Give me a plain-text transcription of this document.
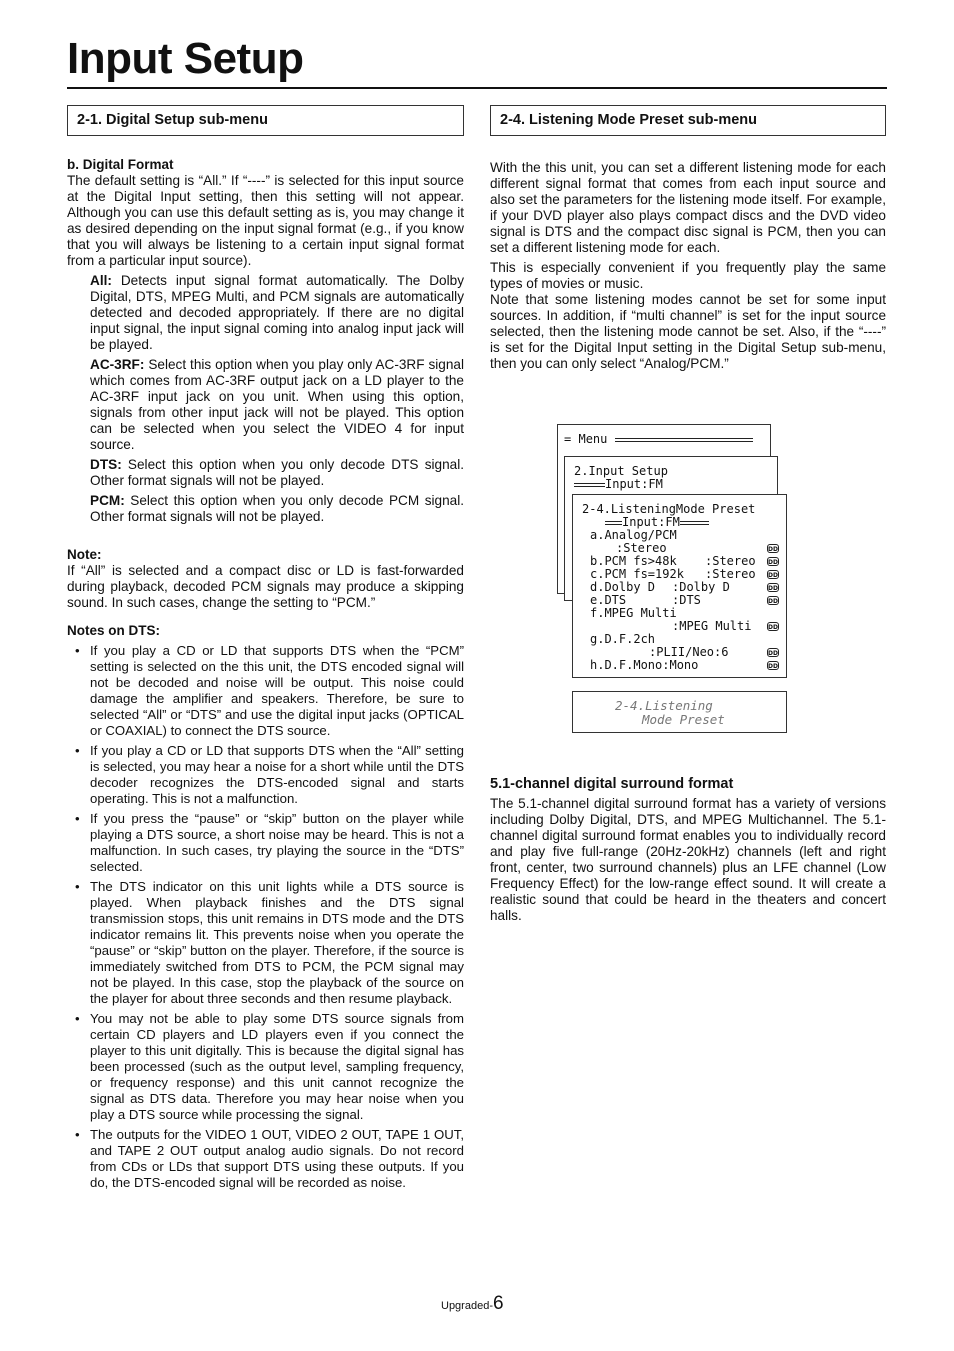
Input Setup
2-1. Digital Setup sub-menu

b. Digital Format

The default setting is “All.” If “----” is selected for this input source at the Digital Input setting, then this setting will not appear. Although you can use this default setting as is, you may change it as desired depending on the input signal format (e.g., if you know that you will always be listening to a certain input signal format from a particular input source).

All: Detects input signal format automatically. The Dolby Digital, DTS, MPEG Multi, and PCM signals are automatically detected and decoded appropriately. If there are no digital input signal, the input signal coming into analog input jack will be played.

AC-3RF: Select this option when you play only AC-3RF signal which comes from AC-3RF output jack on a LD player to the AC-3RF input jack on you unit. When using this option, signals from other input jack will not be played. This option can be selected when you select the VIDEO 4 for input source.

DTS: Select this option when you only decode DTS signal. Other format signals will not be played.

PCM: Select this option when you only decode PCM signal. Other format signals will not be played.

Note:

If “All” is selected and a compact disc or LD is fast-forwarded during playback, decoded PCM signals may produce a skipping sound. In such cases, change the setting to “PCM.”

Notes on DTS:

• If you play a CD or LD that supports DTS when the “PCM” setting is selected on the this unit, the DTS encoded signal will not be decoded and noise will be output. This noise could damage the amplifier and speakers. Therefore, be sure to selected “All” or “DTS” and use the digital input jacks (OPTICAL or COAXIAL) to connect the DTS source.
• If you play a CD or LD that supports DTS when the “All” setting is selected, you may hear a noise for a short while until the DTS decoder recognizes the DTS-encoded signal and starts operating. This is not a malfunction.
• If you press the “pause” or “skip” button on the player while playing a DTS source, a short noise may be heard. This is not a malfunction. In such cases, try playing the source in the “DTS” selected.
• The DTS indicator on this unit lights while a DTS source is played. When playback finishes and the DTS signal transmission stops, this unit remains in DTS mode and the DTS indicator remains lit. This prevents noise when you operate the “pause” or “skip” button on the player. Therefore, if the source is immediately switched from DTS to PCM, the PCM signal may not be played. In this case, stop the playback of the source on the player for about three seconds and then resume playback.
• You may not be able to play some DTS source signals from certain CD players and LD players even if you connect the player to this unit digitally. This is because the digital signal has been processed (such as the output level, sampling frequency, or frequency response) and this unit cannot recognize the signal as DTS data. Therefore you may hear noise when you play a DTS source while processing the signal.
• The outputs for the VIDEO 1 OUT, VIDEO 2 OUT, TAPE 1 OUT, and TAPE 2 OUT output analog audio signals. Do not record from CDs or LDs that support DTS using these outputs. If you do, the DTS-encoded signal will be recorded as noise.
2-4. Listening Mode Preset sub-menu

With the this unit, you can set a different listening mode for each different signal format that comes from each input source and also set the parameters for the listening mode itself. For example, if your DVD player also plays compact discs and the DVD video signal is DTS and the compact disc signal is PCM, then you can set a different listening mode for each.

This is especially convenient if you frequently play the same types of movies or music.

Note that some listening modes cannot be set for some input sources. In addition, if “multi channel” is set for the input source selected, then the listening mode cannot be set. Also, if the “----” is set for the Digital Input setting in the Digital Setup sub-menu, then you can only select “Analog/PCM.”

= Menu
2.Input Setup
Input:FM
2-4.ListeningMode Preset
Input:FM
a.Analog/PCM
:Stereo	DD
b.PCM fs>48k :Stereo DD
c.PCM fs=192k :Stereo DD
d.Dolby D :Dolby D	DD
e.DTS	:DTS	DD
f.MPEG Multi
:MPEG Multi	DD
g.D.F.2ch
:PLII/Neo:6	DD
h.D.F.Mono:Mono	DD
2-4.Listening
Mode Preset

5.1-channel digital surround format

The 5.1-channel digital surround format has a variety of versions including Dolby Digital, DTS, and MPEG Multichannel. The 5.1- channel digital surround format enables you to individually record and play five full-range (20Hz-20kHz) channels (left and right front, center, two surround channels) plus an LFE channel (Low Frequency Effect) for the low-range effect sound. It will create a realistic sound that could be heard in the theaters and concert halls.

Upgraded-6
